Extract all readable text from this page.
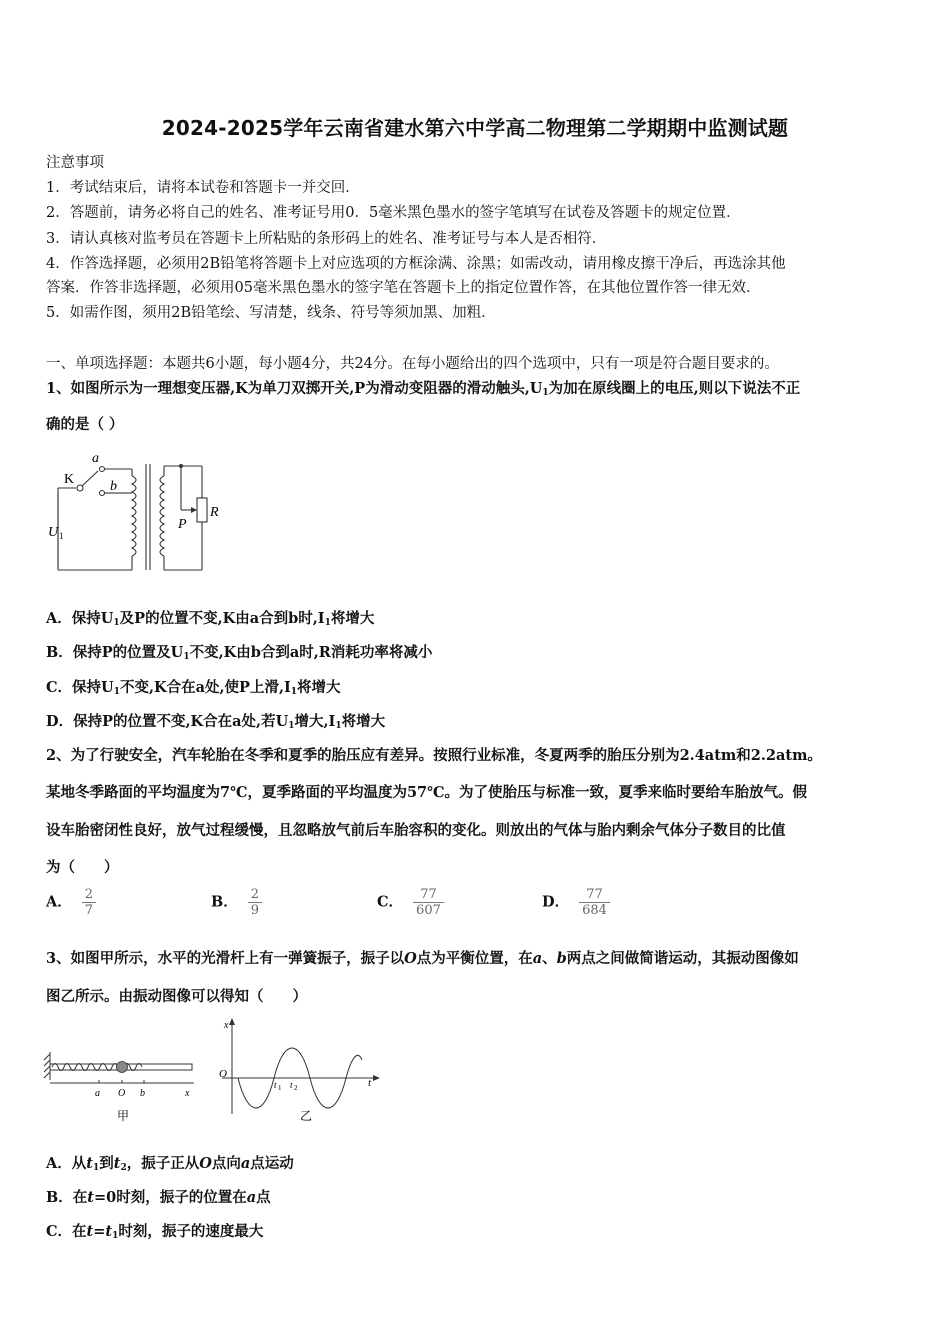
2024-2025学年云南省建水第六中学高二物理第二学期期中监测试题
注意事项
1．考试结束后，请将本试卷和答题卡一并交回．
2．答题前，请务必将自己的姓名、准考证号用0．5毫米黑色墨水的签字笔填写在试卷及答题卡的规定位置．
3．请认真核对监考员在答题卡上所粘贴的条形码上的姓名、准考证号与本人是否相符．
4．作答选择题，必须用2B铅笔将答题卡上对应选项的方框涂满、涂黑；如需改动，请用橡皮擦干净后，再选涂其他
答案．作答非选择题，必须用05毫米黑色墨水的签字笔在答题卡上的指定位置作答，在其他位置作答一律无效．
5．如需作图，须用2B铅笔绘、写清楚，线条、符号等须加黑、加粗．
一、单项选择题：本题共6小题，每小题4分，共24分。在每小题给出的四个选项中，只有一项是符合题目要求的。
1、如图所示为一理想变压器,K为单刀双掷开关,P为滑动变阻器的滑动触头$,U_1$为加在原线圈上的电压,则以下说法不正
确的是（ ）
K
a
b
U 1
P
R
A．保持$U_1$及P的位置不变,K由a合到b时$,I_1$将增大
B．保持P的位置及$U_1$不变,K由b合到a时,R消耗功率将减小
C．保持$U_1$不变,K合在a处,使P上滑$,I_1$将增大
D．保持P的位置不变,K合在a处,若$U_1$增大$,I_1$将增大
2、为了行驶安全，汽车轮胎在冬季和夏季的胎压应有差异。按照行业标准，冬夏两季的胎压分别为2.4atm和2.2atm。
某地冬季路面的平均温度为7℃，夏季路面的平均温度为57℃。为了使胎压与标准一致，夏季来临时要给车胎放气。假
设车胎密闭性良好，放气过程缓慢，且忽略放气前后车胎容积的变化。则放出的气体与胎内剩余气体分子数目的比值
为（　　）
A． $\frac{2}{7}$	B． $\frac{2}{9}$	C． $\frac{77}{607}$	D． $\frac{77}{684}$
3、如图甲所示，水平的光滑杆上有一弹簧振子，振子以O点为平衡位置，在a、b两点之间做简谐运动，其振动图像如
图乙所示。由振动图像可以得知（　　）
a O b	x
甲
x
O
t
t 1 t 2
乙
A．从$t_1$到$t_2$，振子正从O点向a点运动
B．在t=0时刻，振子的位置在a点
C．在$t=t_1$时刻，振子的速度最大
